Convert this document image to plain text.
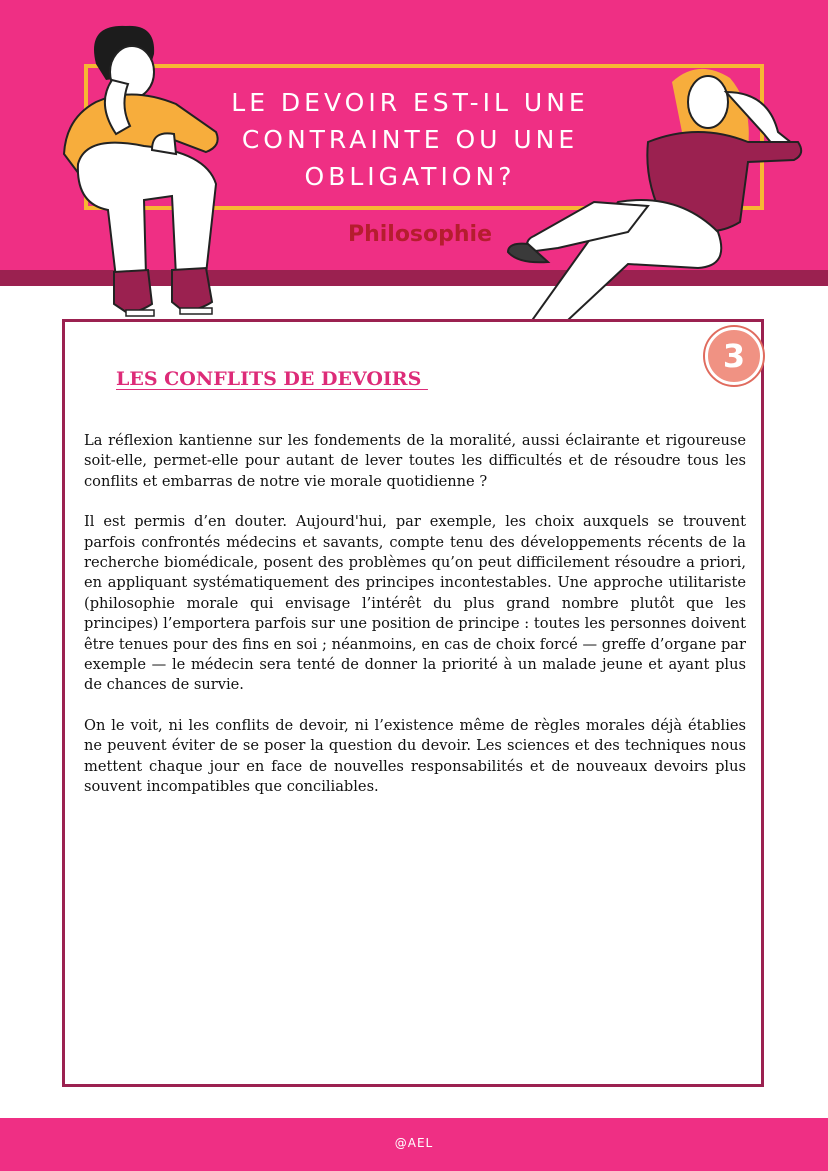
LE DEVOIR EST-IL UNE
CONTRAINTE OU UNE
OBLIGATION?
Philosophie
3
LES CONFLITS DE DEVOIRS

La réflexion kantienne sur les fondements de la moralité, aussi éclairante et rigoureuse soit-elle, permet-elle pour autant de lever toutes les difficultés et de résoudre tous les conflits et embarras de notre vie morale quotidienne ?

Il est permis d’en douter. Aujourd'hui, par exemple, les choix auxquels se trouvent parfois confrontés médecins et savants, compte tenu des développements récents de la recherche biomédicale, posent des problèmes qu’on peut difficilement résoudre a priori, en appliquant systématiquement des principes incontestables. Une approche utilitariste (philosophie morale qui envisage l’intérêt du plus grand nombre plutôt que les principes) l’emportera parfois sur une position de principe : toutes les personnes doivent être tenues pour des fins en soi ; néanmoins, en cas de choix forcé — greffe d’organe par exemple — le médecin sera tenté de donner la priorité à un malade jeune et ayant plus de chances de survie.

On le voit, ni les conflits de devoir, ni l’existence même de règles morales déjà établies ne peuvent éviter de se poser la question du devoir. Les sciences et des techniques nous mettent chaque jour en face de nouvelles responsabilités et de nouveaux devoirs plus souvent incompatibles que conciliables.

@AEL
